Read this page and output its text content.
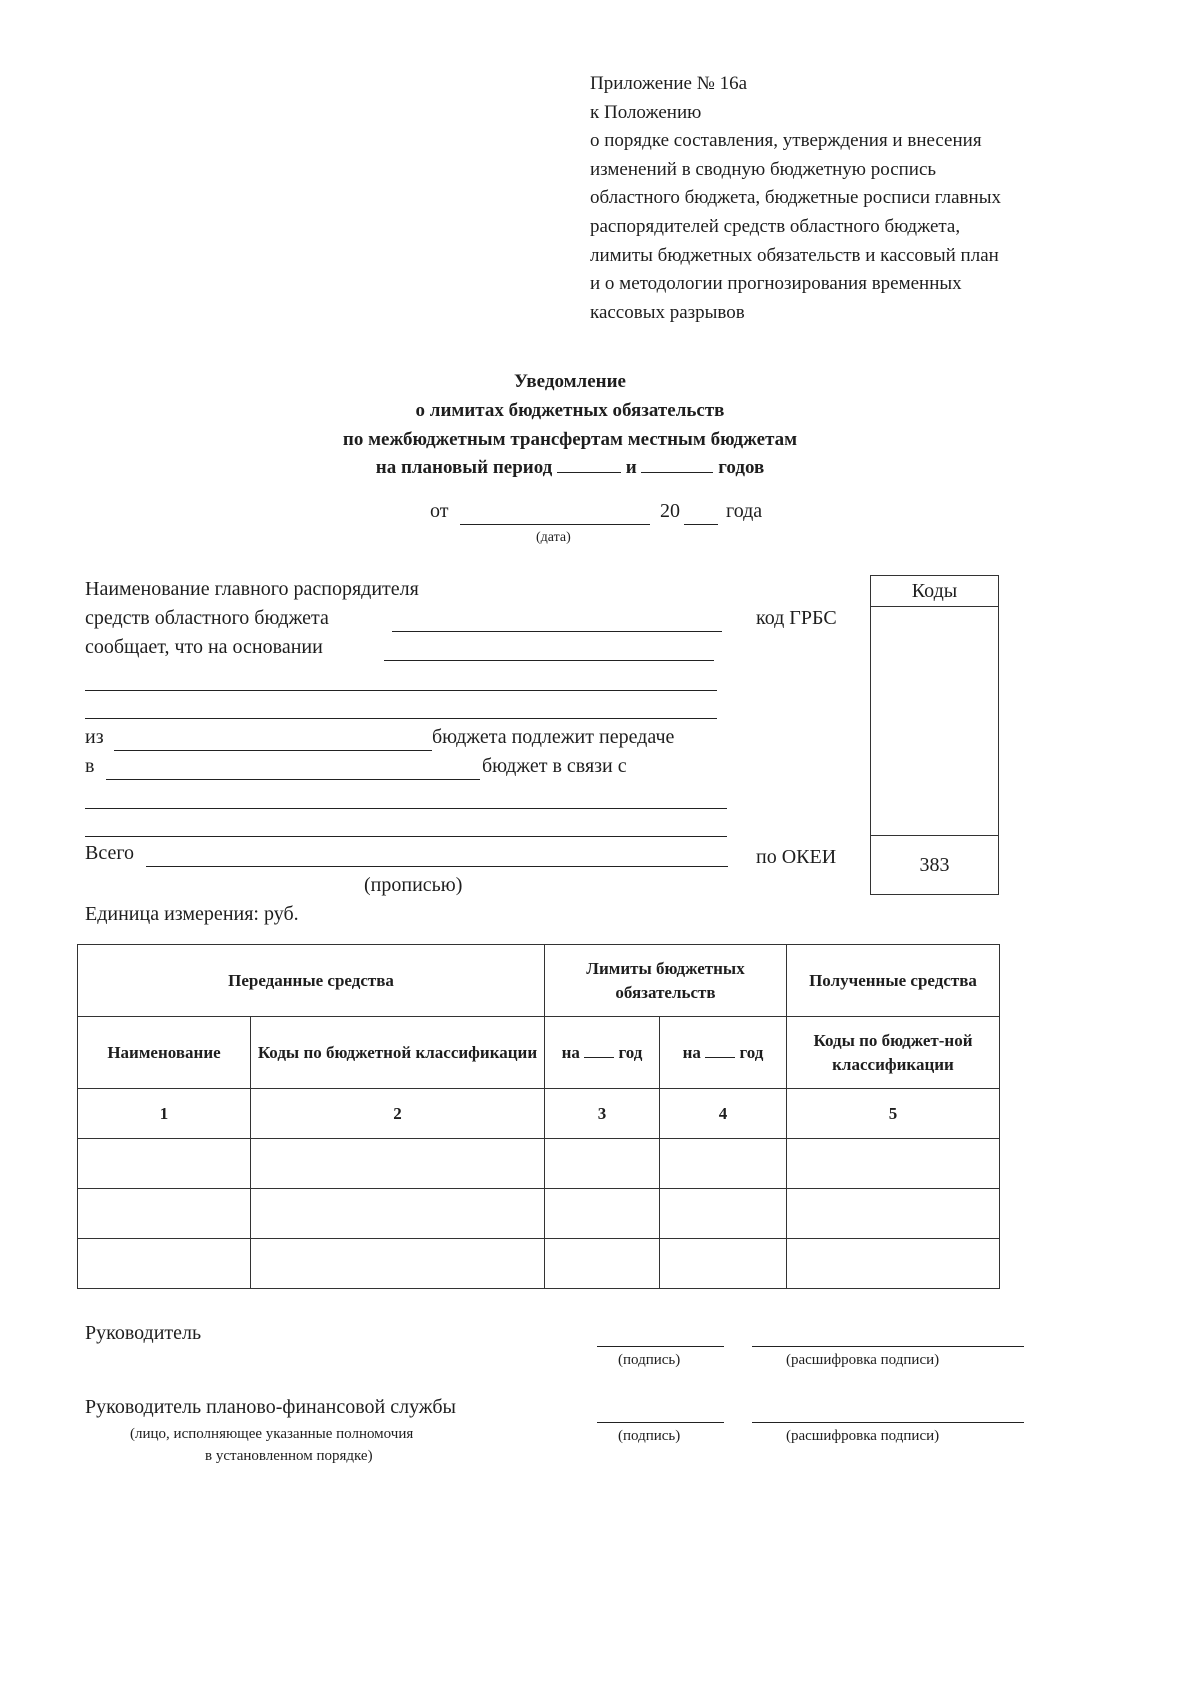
Приложение № 16а
к Положению
о порядке составления, утверждения и внесения
изменений в сводную бюджетную роспись
областного бюджета, бюджетные росписи главных
распорядителей средств областного бюджета,
лимиты бюджетных обязательств и кассовый план
и о методологии прогнозирования временных
кассовых разрывов
Уведомление
о лимитах бюджетных обязательств
по межбюджетным трансфертам местным бюджетам
на плановый период	и	годов
от	20 года
(дата)
Наименование главного распорядителя
средств областного бюджета	код ГРБС
сообщает, что на основании
из	бюджета подлежит передаче
в	бюджет в связи с
Всего	по ОКЕИ
(прописью)
Единица измерения: руб.
Коды
383
Переданные средства		Лимиты бюджетных обязательств		Полученные средства
Наименование	Коды по бюджетной классификации	на год	на год	Коды по бюджет-ной классификации
1	2	3	4	5

Руководитель
(подпись)	(расшифровка подписи)
Руководитель планово-финансовой службы
(лицо, исполняющее указанные полномочия
в установленном порядке)
(подпись)	(расшифровка подписи)
